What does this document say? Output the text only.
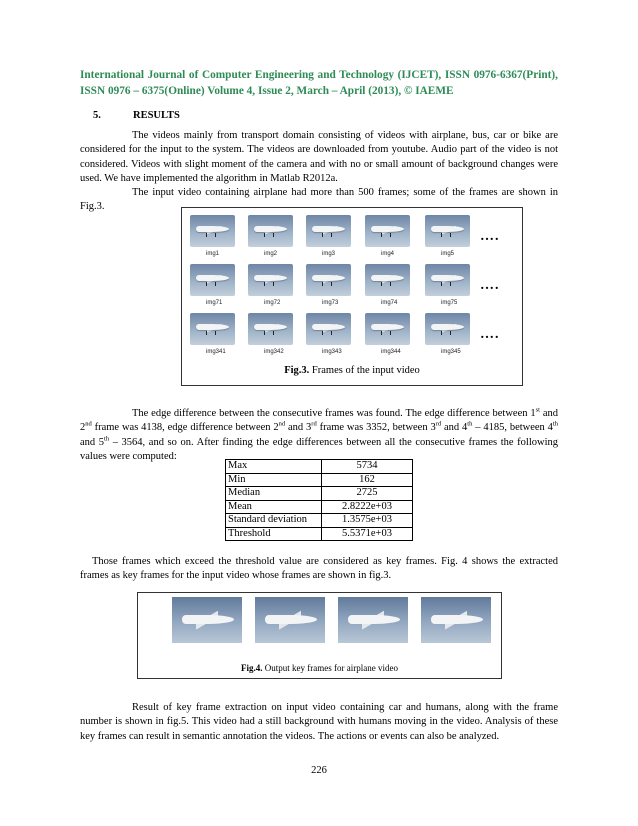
International Journal of Computer Engineering and Technology (IJCET), ISSN 0976-6367(Print), ISSN 0976 – 6375(Online) Volume 4, Issue 2, March – April (2013), © IAEME
5.	RESULTS

The videos mainly from transport domain consisting of videos with airplane, bus, car or bike are considered for the input to the system. The videos are downloaded from youtube. Audio part of the video is not considered. Videos with slight moment of the camera and with no or small amount of background changes were used. We have implemented the algorithm in Matlab R2012a.

The input video containing airplane had more than 500 frames; some of the frames are shown in Fig.3.

img1	img2	img3	img4	img5
….
img71	img72	img73	img74	img75
….
img341	img342	img343	img344	img345
….
Fig.3. Frames of the input video

The edge difference between the consecutive frames was found. The edge difference between 1st and 2nd frame was 4138, edge difference between 2nd and 3rd frame was 3352, between 3rd and 4th – 4185, between 4th and 5th – 3564, and so on. After finding the edge differences between all the consecutive frames the following values were computed:

Max	5734
Min	162
Median	2725
Mean	2.8222e+03
Standard deviation	1.3575e+03
Threshold	5.5371e+03

Those frames which exceed the threshold value are considered as key frames. Fig. 4 shows the extracted frames as key frames for the input video whose frames are shown in fig.3.

Fig.4. Output key frames for airplane video

Result of key frame extraction on input video containing car and humans, along with the frame number is shown in fig.5. This video had a still background with humans moving in the video. Analysis of these key frames can result in semantic annotation the videos. The actions or events can also be analyzed.

226
